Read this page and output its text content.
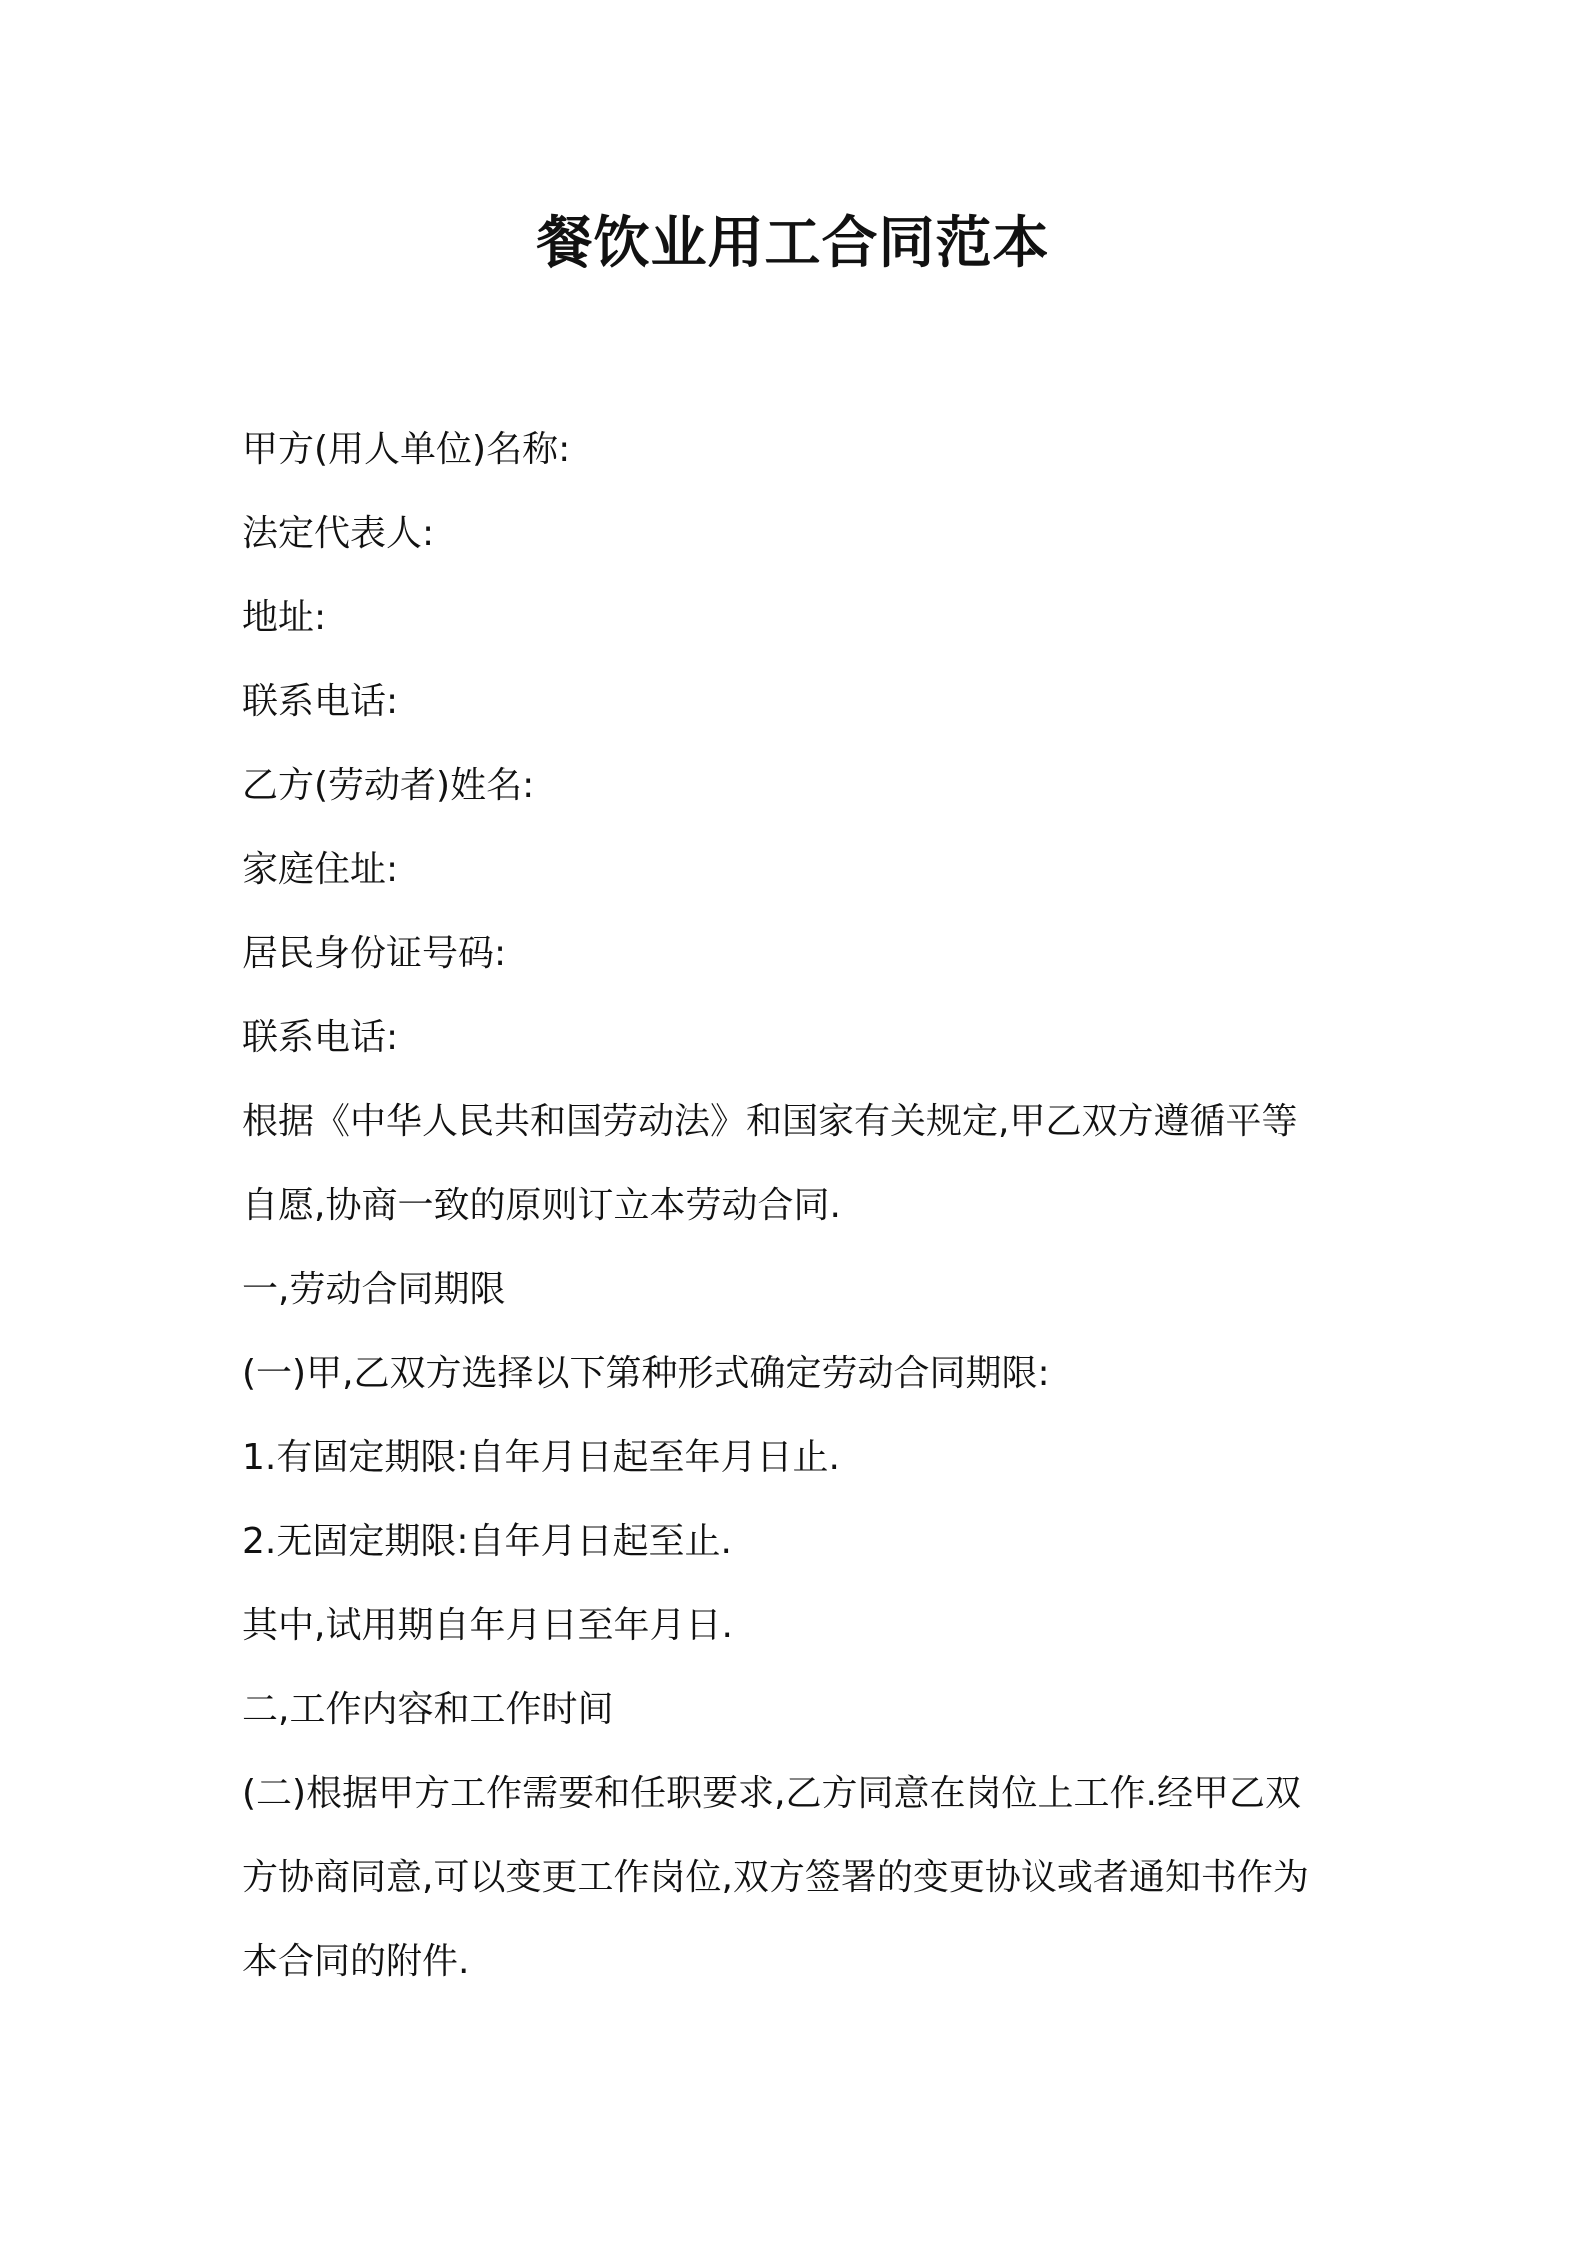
餐饮业用工合同范本
甲方(用人单位)名称:
法定代表人:
地址:
联系电话:
乙方(劳动者)姓名:
家庭住址:
居民身份证号码:
联系电话:
根据《中华人民共和国劳动法》和国家有关规定,甲乙双方遵循平等
自愿,协商一致的原则订立本劳动合同.
一,劳动合同期限
(一)甲,乙双方选择以下第种形式确定劳动合同期限:
1.有固定期限:自年月日起至年月日止.
2.无固定期限:自年月日起至止.
其中,试用期自年月日至年月日.
二,工作内容和工作时间
(二)根据甲方工作需要和任职要求,乙方同意在岗位上工作.经甲乙双
方协商同意,可以变更工作岗位,双方签署的变更协议或者通知书作为
本合同的附件.
